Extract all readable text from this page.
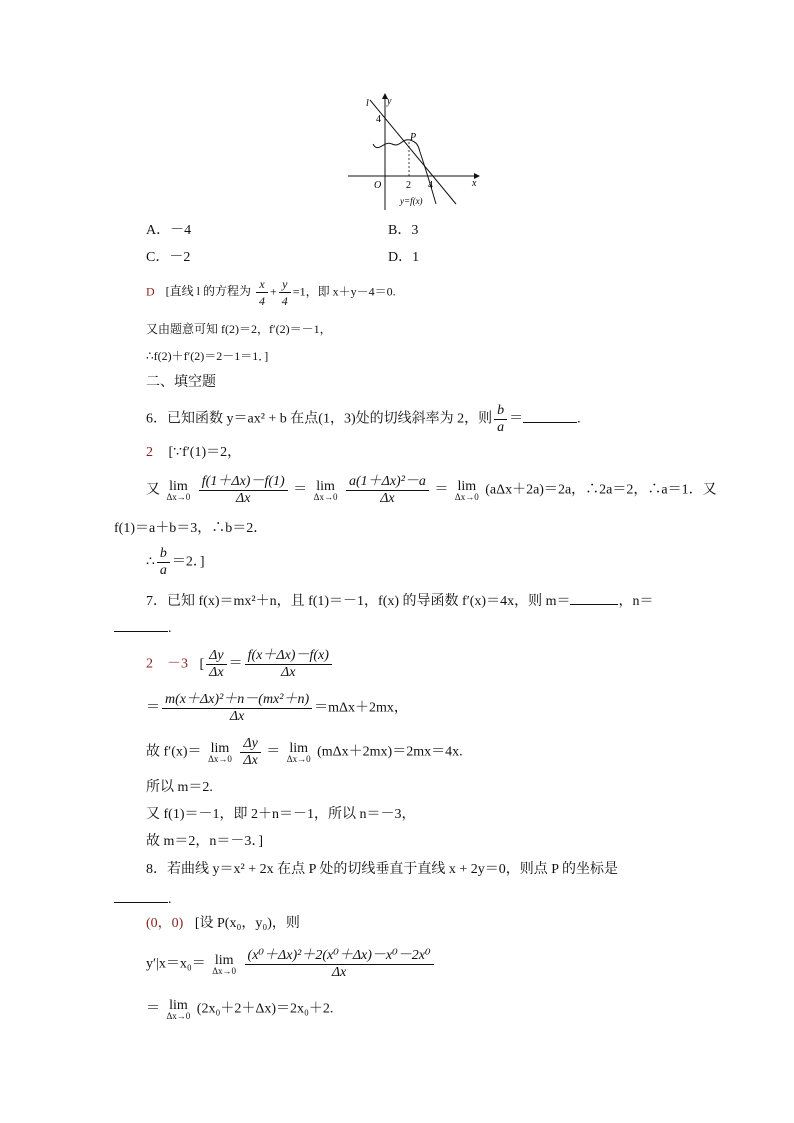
l y
x
O
4
2 4
P
y=f(x)
A．－4	B．3
C．－2	D．1
D [直线 l 的方程为 $\frac{x}{4} + \frac{y}{4} =1$，即 x＋y－4＝0.
又由题意可知 f(2)＝2，f′(2)＝－1，
∴f(2)＋f′(2)＝2－1＝1．]
二、填空题
6．已知函数 y＝ax² + b 在点(1，3)处的切线斜率为 2，则 $\frac{b}{a}$ ＝	.
2 [∵f′(1)＝2，
又 lim
Δx→0
$\frac{f(1+\Delta x)-f(1)}{\Delta x} = \lim$
Δx→0
$\frac{\text{a(1＋Δx)²－a}}{\Delta x} = \lim$
Δx→0 (aΔx＋2a)＝2a，∴2a＝2，∴a＝1．又
f(1)＝a＋b＝3，∴b＝2．
∴ $\frac{b}{a} =2$．]
7．已知 f(x)＝mx²＋n，且 f(1)＝－1，f(x) 的导函数 f′(x)＝4x，则 m＝	，n＝
.
2　－3 [ $\frac{\Delta y}{\Delta x} = \frac{f(x+\Delta x)-f(x)}{\Delta x}$
＝ $\frac{\text{m(x＋Δx)²＋n－(mx²＋n)}}{\Delta x} =m\Delta x+2mx$，
故 f′(x)＝ lim
Δx→0
$\frac{\Delta y}{\Delta x} = \lim$
Δx→0 (mΔx＋2mx)＝2mx＝4x.
所以 m＝2.
又 f(1)＝－1，即 2＋n＝－1，所以 n＝－3，
故 m＝2，n＝－3．]
8．若曲线 y＝x² + 2x 在点 P 处的切线垂直于直线 x + 2y＝0，则点 P 的坐标是
.
(0，0) [设 P(x₀，y₀)，则
y′|x＝x₀＝ lim
Δx→0
$\frac{\text{(x⁰＋Δx)²＋2(x⁰＋Δx)－x⁰－2x⁰}}{\Delta x}$
＝ lim
Δx→0 (2x₀＋2＋Δx)＝2x₀＋2.
